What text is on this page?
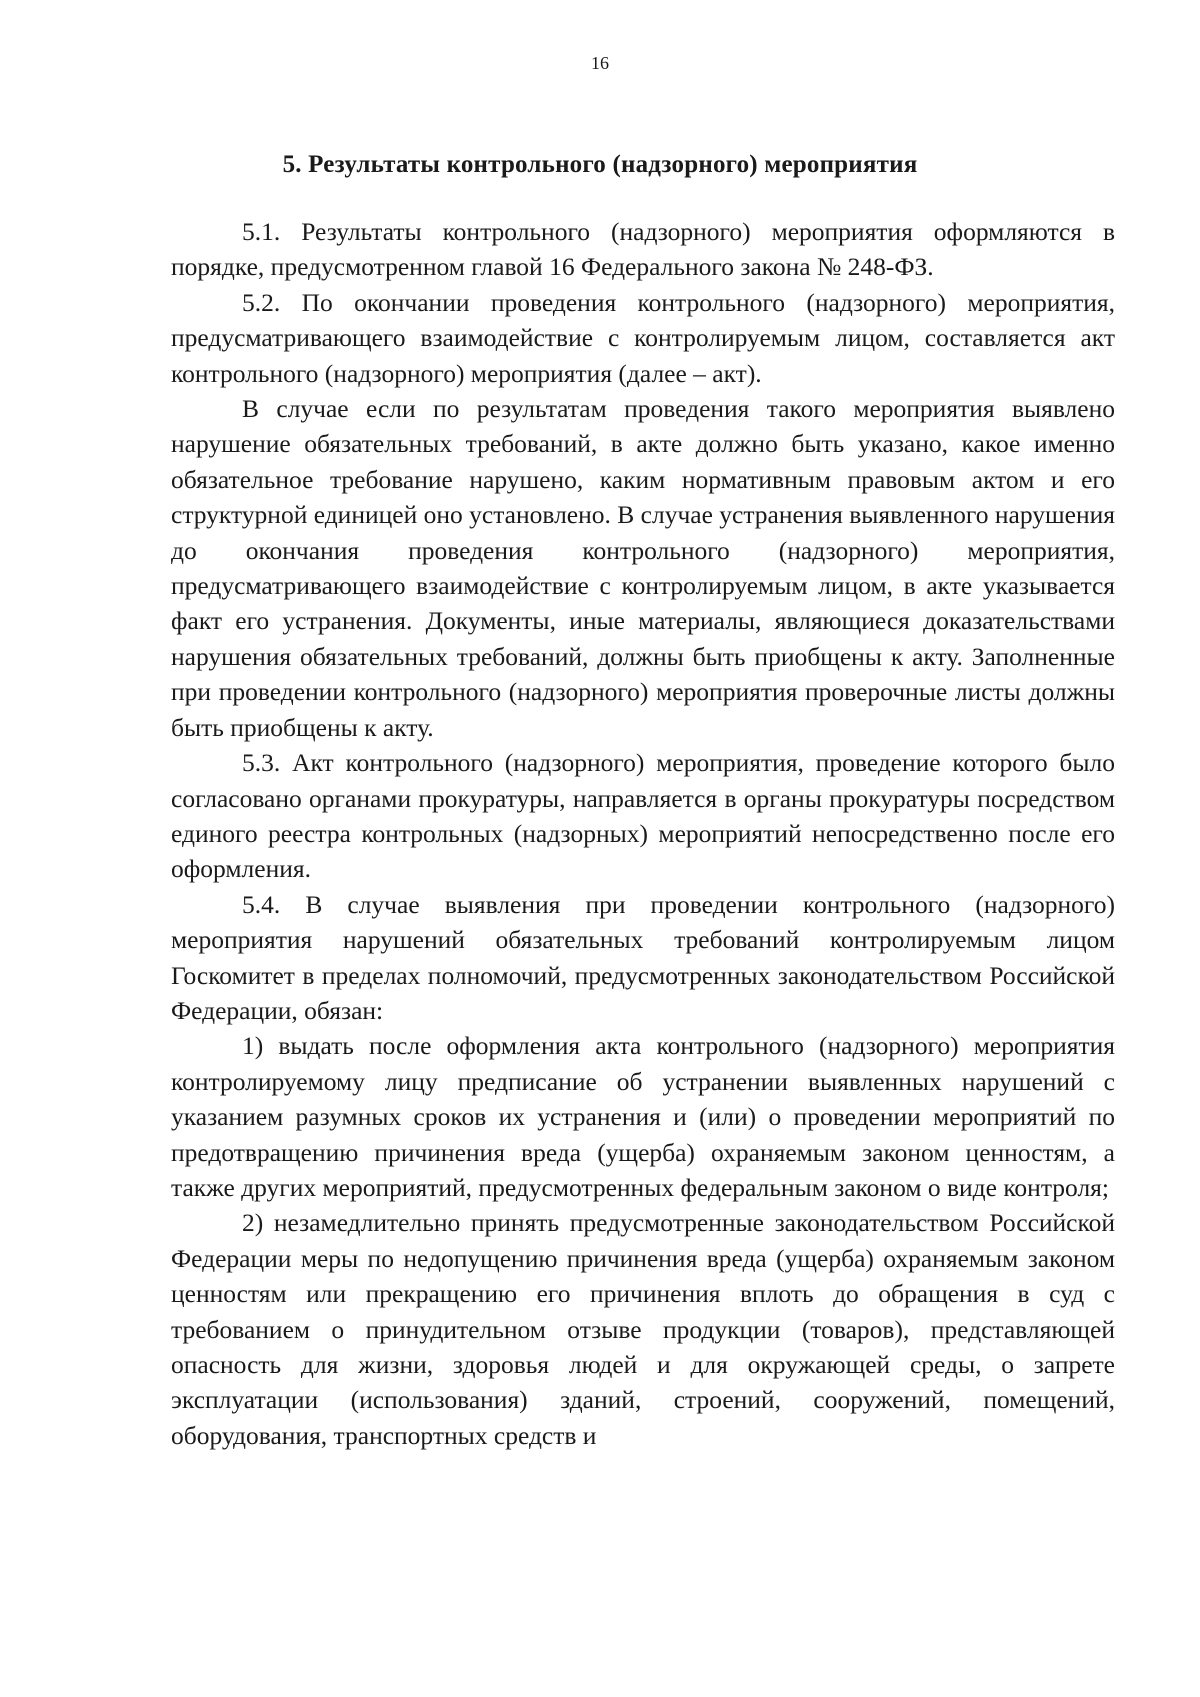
16
5. Результаты контрольного (надзорного) мероприятия

5.1. Результаты контрольного (надзорного) мероприятия оформляются в порядке, предусмотренном главой 16 Федерального закона № 248-ФЗ.

5.2. По окончании проведения контрольного (надзорного) мероприятия, предусматривающего взаимодействие с контролируемым лицом, составляется акт контрольного (надзорного) мероприятия (далее – акт).

В случае если по результатам проведения такого мероприятия выявлено нарушение обязательных требований, в акте должно быть указано, какое именно обязательное требование нарушено, каким нормативным правовым актом и его структурной единицей оно установлено. В случае устранения выявленного нарушения до окончания проведения контрольного (надзорного) мероприятия, предусматривающего взаимодействие с контролируемым лицом, в акте указывается факт его устранения. Документы, иные материалы, являющиеся доказательствами нарушения обязательных требований, должны быть приобщены к акту. Заполненные при проведении контрольного (надзорного) мероприятия проверочные листы должны быть приобщены к акту.

5.3. Акт контрольного (надзорного) мероприятия, проведение которого было согласовано органами прокуратуры, направляется в органы прокуратуры посредством единого реестра контрольных (надзорных) мероприятий непосредственно после его оформления.

5.4. В случае выявления при проведении контрольного (надзорного) мероприятия нарушений обязательных требований контролируемым лицом Госкомитет в пределах полномочий, предусмотренных законодательством Российской Федерации, обязан:

1) выдать после оформления акта контрольного (надзорного) мероприятия контролируемому лицу предписание об устранении выявленных нарушений с указанием разумных сроков их устранения и (или) о проведении мероприятий по предотвращению причинения вреда (ущерба) охраняемым законом ценностям, а также других мероприятий, предусмотренных федеральным законом о виде контроля;

2) незамедлительно принять предусмотренные законодательством Российской Федерации меры по недопущению причинения вреда (ущерба) охраняемым законом ценностям или прекращению его причинения вплоть до обращения в суд с требованием о принудительном отзыве продукции (товаров), представляющей опасность для жизни, здоровья людей и для окружающей среды, о запрете эксплуатации (использования) зданий, строений, сооружений, помещений, оборудования, транспортных средств и
